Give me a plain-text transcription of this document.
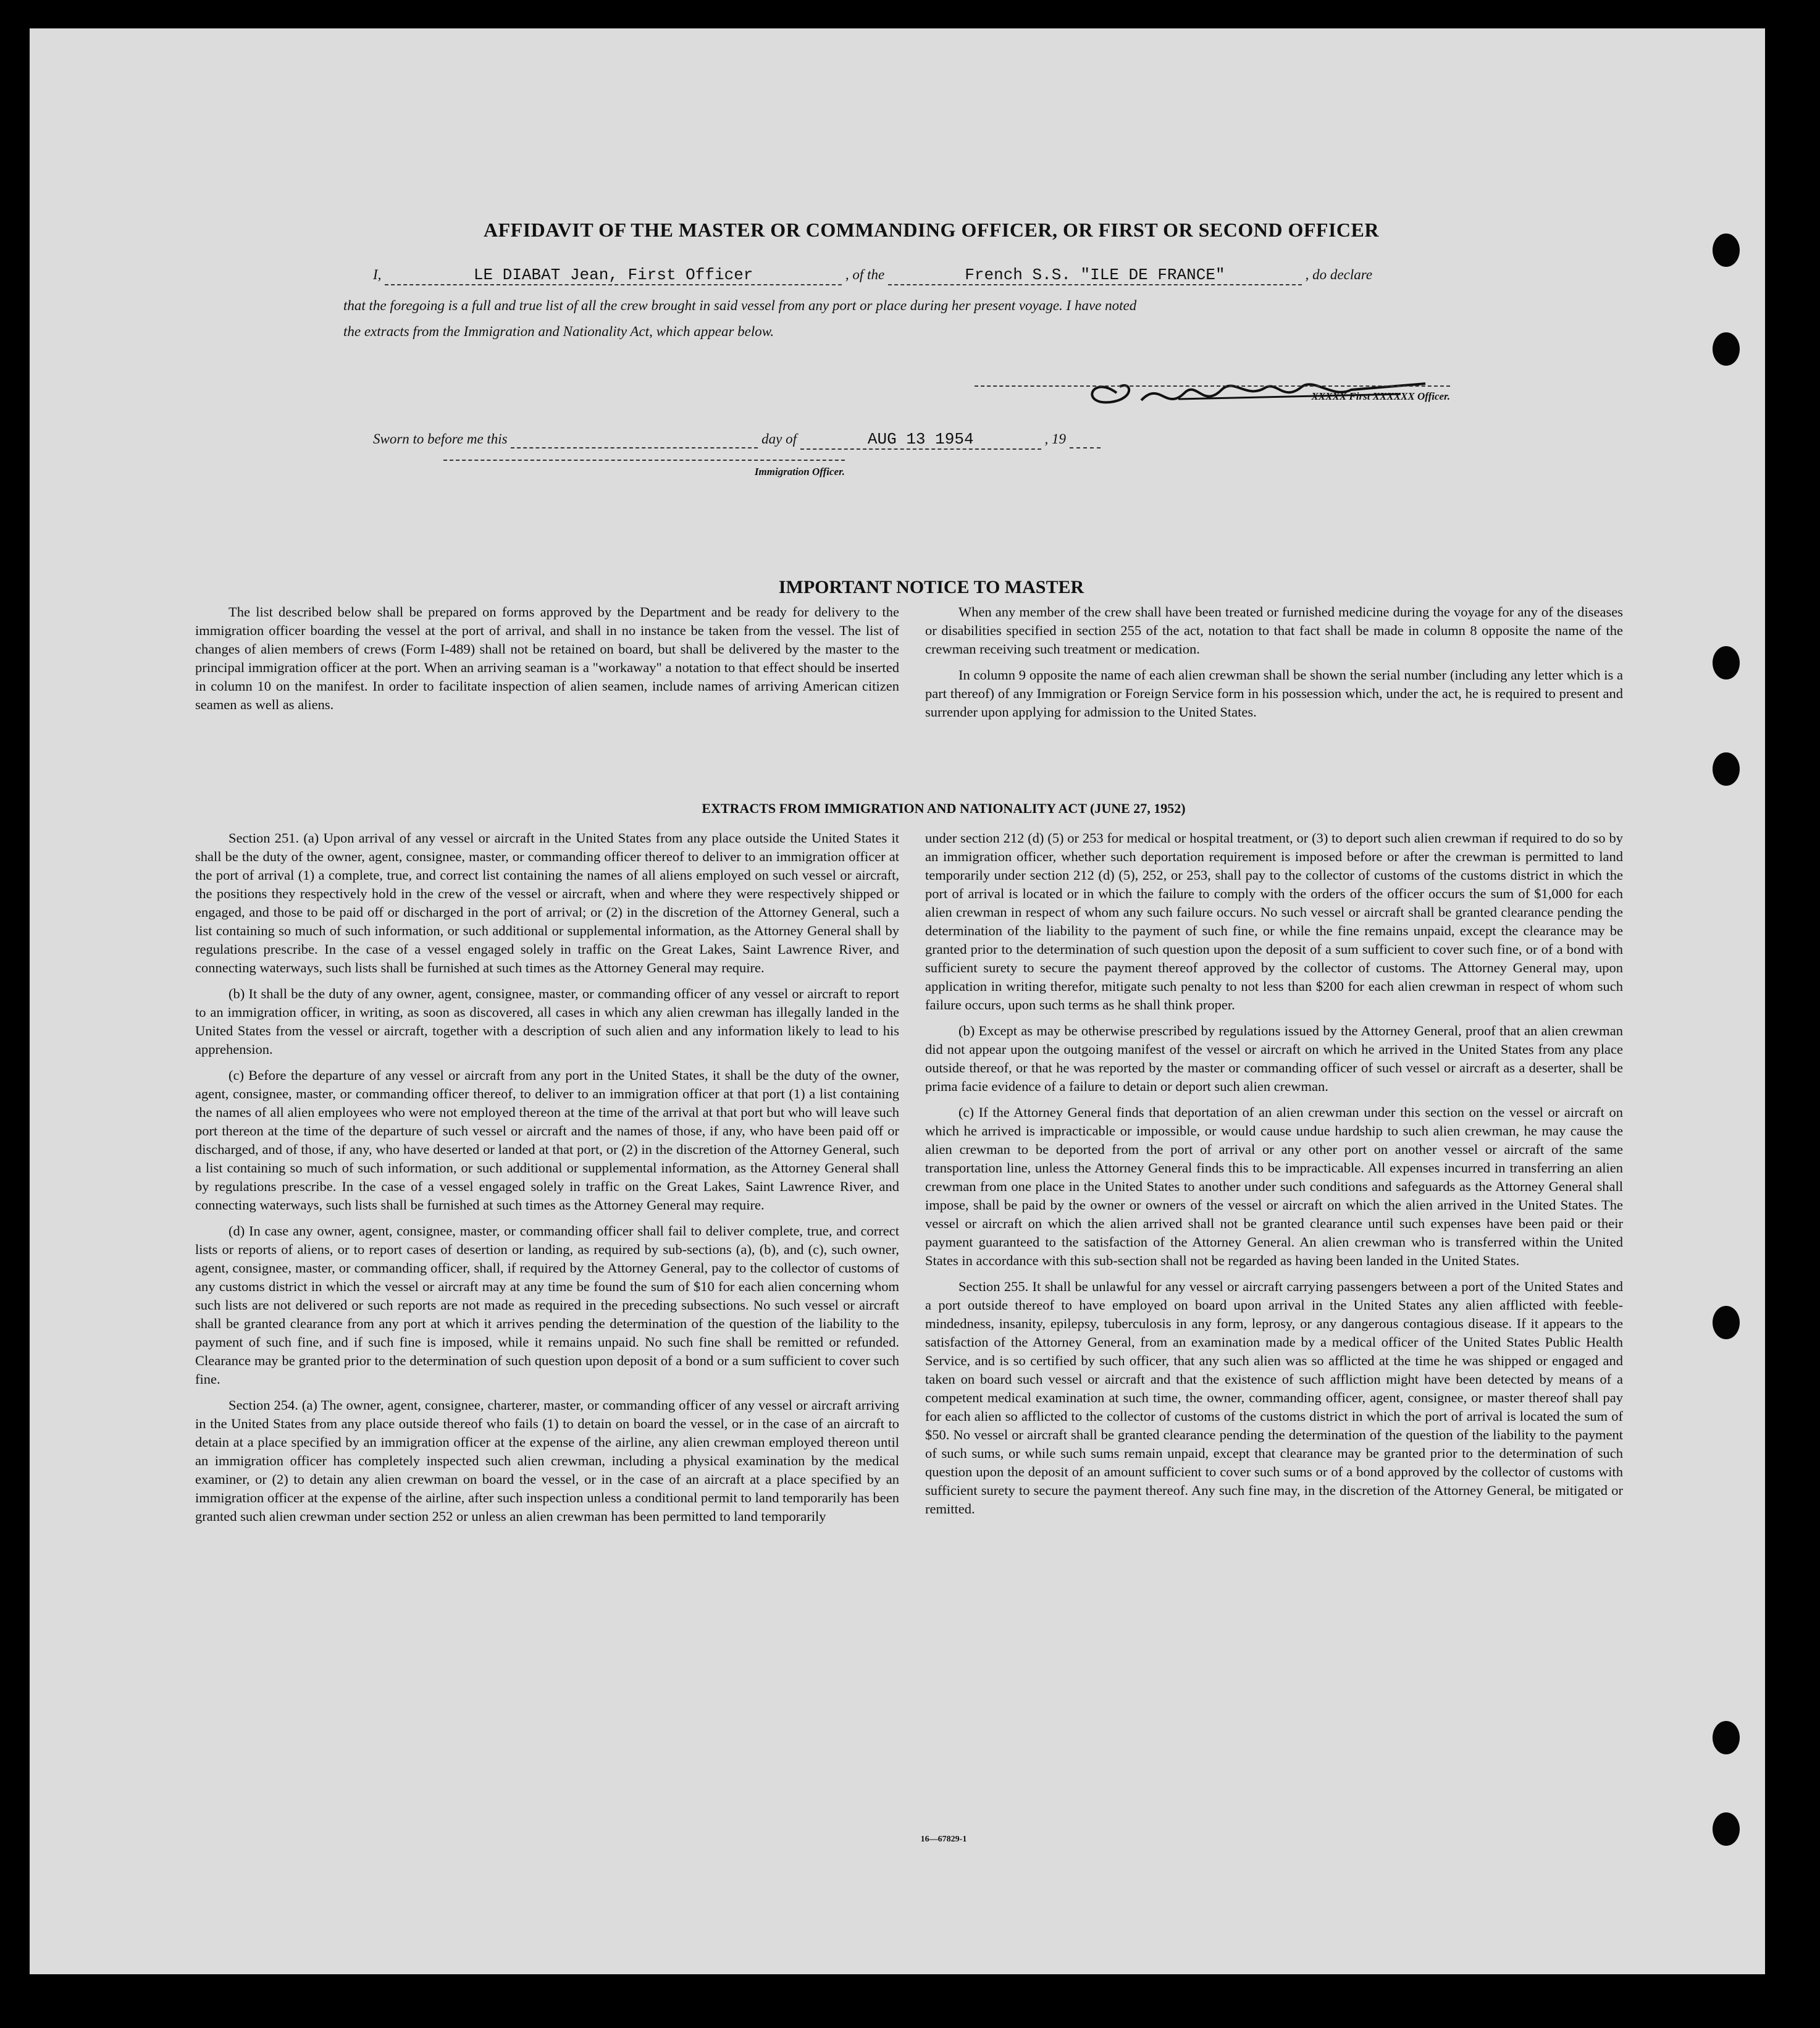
AFFIDAVIT OF THE MASTER OR COMMANDING OFFICER, OR FIRST OR SECOND OFFICER
I,	LE DIABAT Jean, First Officer	, of the	French S.S. "ILE DE FRANCE"	, do declare
that the foregoing is a full and true list of all the crew brought in said vessel from any port or place during her present voyage. I have noted
the extracts from the Immigration and Nationality Act, which appear below.
XXXXX First XXXXXX Officer.
Sworn to before me this	day of	AUG 13 1954	, 19
Immigration Officer.
IMPORTANT NOTICE TO MASTER

The list described below shall be prepared on forms approved by the Department and be ready for delivery to the immigration officer boarding the vessel at the port of arrival, and shall in no instance be taken from the vessel. The list of changes of alien members of crews (Form I-489) shall not be retained on board, but shall be delivered by the master to the principal immigration officer at the port. When an arriving seaman is a "workaway" a notation to that effect should be inserted in column 10 on the manifest. In order to facilitate inspection of alien seamen, include names of arriving American citizen seamen as well as aliens.

When any member of the crew shall have been treated or furnished medicine during the voyage for any of the diseases or disabilities specified in section 255 of the act, notation to that fact shall be made in column 8 opposite the name of the crewman receiving such treatment or medication.

In column 9 opposite the name of each alien crewman shall be shown the serial number (including any letter which is a part thereof) of any Immigration or Foreign Service form in his possession which, under the act, he is required to present and surrender upon applying for admission to the United States.

EXTRACTS FROM IMMIGRATION AND NATIONALITY ACT (JUNE 27, 1952)

Section 251. (a) Upon arrival of any vessel or aircraft in the United States from any place outside the United States it shall be the duty of the owner, agent, consignee, master, or commanding officer thereof to deliver to an immigration officer at the port of arrival (1) a complete, true, and correct list containing the names of all aliens employed on such vessel or aircraft, the positions they respectively hold in the crew of the vessel or aircraft, when and where they were respectively shipped or engaged, and those to be paid off or discharged in the port of arrival; or (2) in the discretion of the Attorney General, such a list containing so much of such information, or such additional or supplemental information, as the Attorney General shall by regulations prescribe. In the case of a vessel engaged solely in traffic on the Great Lakes, Saint Lawrence River, and connecting waterways, such lists shall be furnished at such times as the Attorney General may require.

(b) It shall be the duty of any owner, agent, consignee, master, or commanding officer of any vessel or aircraft to report to an immigration officer, in writing, as soon as discovered, all cases in which any alien crewman has illegally landed in the United States from the vessel or aircraft, together with a description of such alien and any information likely to lead to his apprehension.

(c) Before the departure of any vessel or aircraft from any port in the United States, it shall be the duty of the owner, agent, consignee, master, or commanding officer thereof, to deliver to an immigration officer at that port (1) a list containing the names of all alien employees who were not employed thereon at the time of the arrival at that port but who will leave such port thereon at the time of the departure of such vessel or aircraft and the names of those, if any, who have been paid off or discharged, and of those, if any, who have deserted or landed at that port, or (2) in the discretion of the Attorney General, such a list containing so much of such information, or such additional or supplemental information, as the Attorney General shall by regulations prescribe. In the case of a vessel engaged solely in traffic on the Great Lakes, Saint Lawrence River, and connecting waterways, such lists shall be furnished at such times as the Attorney General may require.

(d) In case any owner, agent, consignee, master, or commanding officer shall fail to deliver complete, true, and correct lists or reports of aliens, or to report cases of desertion or landing, as required by sub-sections (a), (b), and (c), such owner, agent, consignee, master, or commanding officer, shall, if required by the Attorney General, pay to the collector of customs of any customs district in which the vessel or aircraft may at any time be found the sum of $10 for each alien concerning whom such lists are not delivered or such reports are not made as required in the preceding subsections. No such vessel or aircraft shall be granted clearance from any port at which it arrives pending the determination of the question of the liability to the payment of such fine, and if such fine is imposed, while it remains unpaid. No such fine shall be remitted or refunded. Clearance may be granted prior to the determination of such question upon deposit of a bond or a sum sufficient to cover such fine.

Section 254. (a) The owner, agent, consignee, charterer, master, or commanding officer of any vessel or aircraft arriving in the United States from any place outside thereof who fails (1) to detain on board the vessel, or in the case of an aircraft to detain at a place specified by an immigration officer at the expense of the airline, any alien crewman employed thereon until an immigration officer has completely inspected such alien crewman, including a physical examination by the medical examiner, or (2) to detain any alien crewman on board the vessel, or in the case of an aircraft at a place specified by an immigration officer at the expense of the airline, after such inspection unless a conditional permit to land temporarily has been granted such alien crewman under section 252 or unless an alien crewman has been permitted to land temporarily

under section 212 (d) (5) or 253 for medical or hospital treatment, or (3) to deport such alien crewman if required to do so by an immigration officer, whether such deportation requirement is imposed before or after the crewman is permitted to land temporarily under section 212 (d) (5), 252, or 253, shall pay to the collector of customs of the customs district in which the port of arrival is located or in which the failure to comply with the orders of the officer occurs the sum of $1,000 for each alien crewman in respect of whom any such failure occurs. No such vessel or aircraft shall be granted clearance pending the determination of the liability to the payment of such fine, or while the fine remains unpaid, except the clearance may be granted prior to the determination of such question upon the deposit of a sum sufficient to cover such fine, or of a bond with sufficient surety to secure the payment thereof approved by the collector of customs. The Attorney General may, upon application in writing therefor, mitigate such penalty to not less than $200 for each alien crewman in respect of whom such failure occurs, upon such terms as he shall think proper.

(b) Except as may be otherwise prescribed by regulations issued by the Attorney General, proof that an alien crewman did not appear upon the outgoing manifest of the vessel or aircraft on which he arrived in the United States from any place outside thereof, or that he was reported by the master or commanding officer of such vessel or aircraft as a deserter, shall be prima facie evidence of a failure to detain or deport such alien crewman.

(c) If the Attorney General finds that deportation of an alien crewman under this section on the vessel or aircraft on which he arrived is impracticable or impossible, or would cause undue hardship to such alien crewman, he may cause the alien crewman to be deported from the port of arrival or any other port on another vessel or aircraft of the same transportation line, unless the Attorney General finds this to be impracticable. All expenses incurred in transferring an alien crewman from one place in the United States to another under such conditions and safeguards as the Attorney General shall impose, shall be paid by the owner or owners of the vessel or aircraft on which the alien arrived in the United States. The vessel or aircraft on which the alien arrived shall not be granted clearance until such expenses have been paid or their payment guaranteed to the satisfaction of the Attorney General. An alien crewman who is transferred within the United States in accordance with this sub-section shall not be regarded as having been landed in the United States.

Section 255. It shall be unlawful for any vessel or aircraft carrying passengers between a port of the United States and a port outside thereof to have employed on board upon arrival in the United States any alien afflicted with feeble-mindedness, insanity, epilepsy, tuberculosis in any form, leprosy, or any dangerous contagious disease. If it appears to the satisfaction of the Attorney General, from an examination made by a medical officer of the United States Public Health Service, and is so certified by such officer, that any such alien was so afflicted at the time he was shipped or engaged and taken on board such vessel or aircraft and that the existence of such affliction might have been detected by means of a competent medical examination at such time, the owner, commanding officer, agent, consignee, or master thereof shall pay for each alien so afflicted to the collector of customs of the customs district in which the port of arrival is located the sum of $50. No vessel or aircraft shall be granted clearance pending the determination of the question of the liability to the payment of such sums, or while such sums remain unpaid, except that clearance may be granted prior to the determination of such question upon the deposit of an amount sufficient to cover such sums or of a bond approved by the collector of customs with sufficient surety to secure the payment thereof. Any such fine may, in the discretion of the Attorney General, be mitigated or remitted.

16—67829-1
